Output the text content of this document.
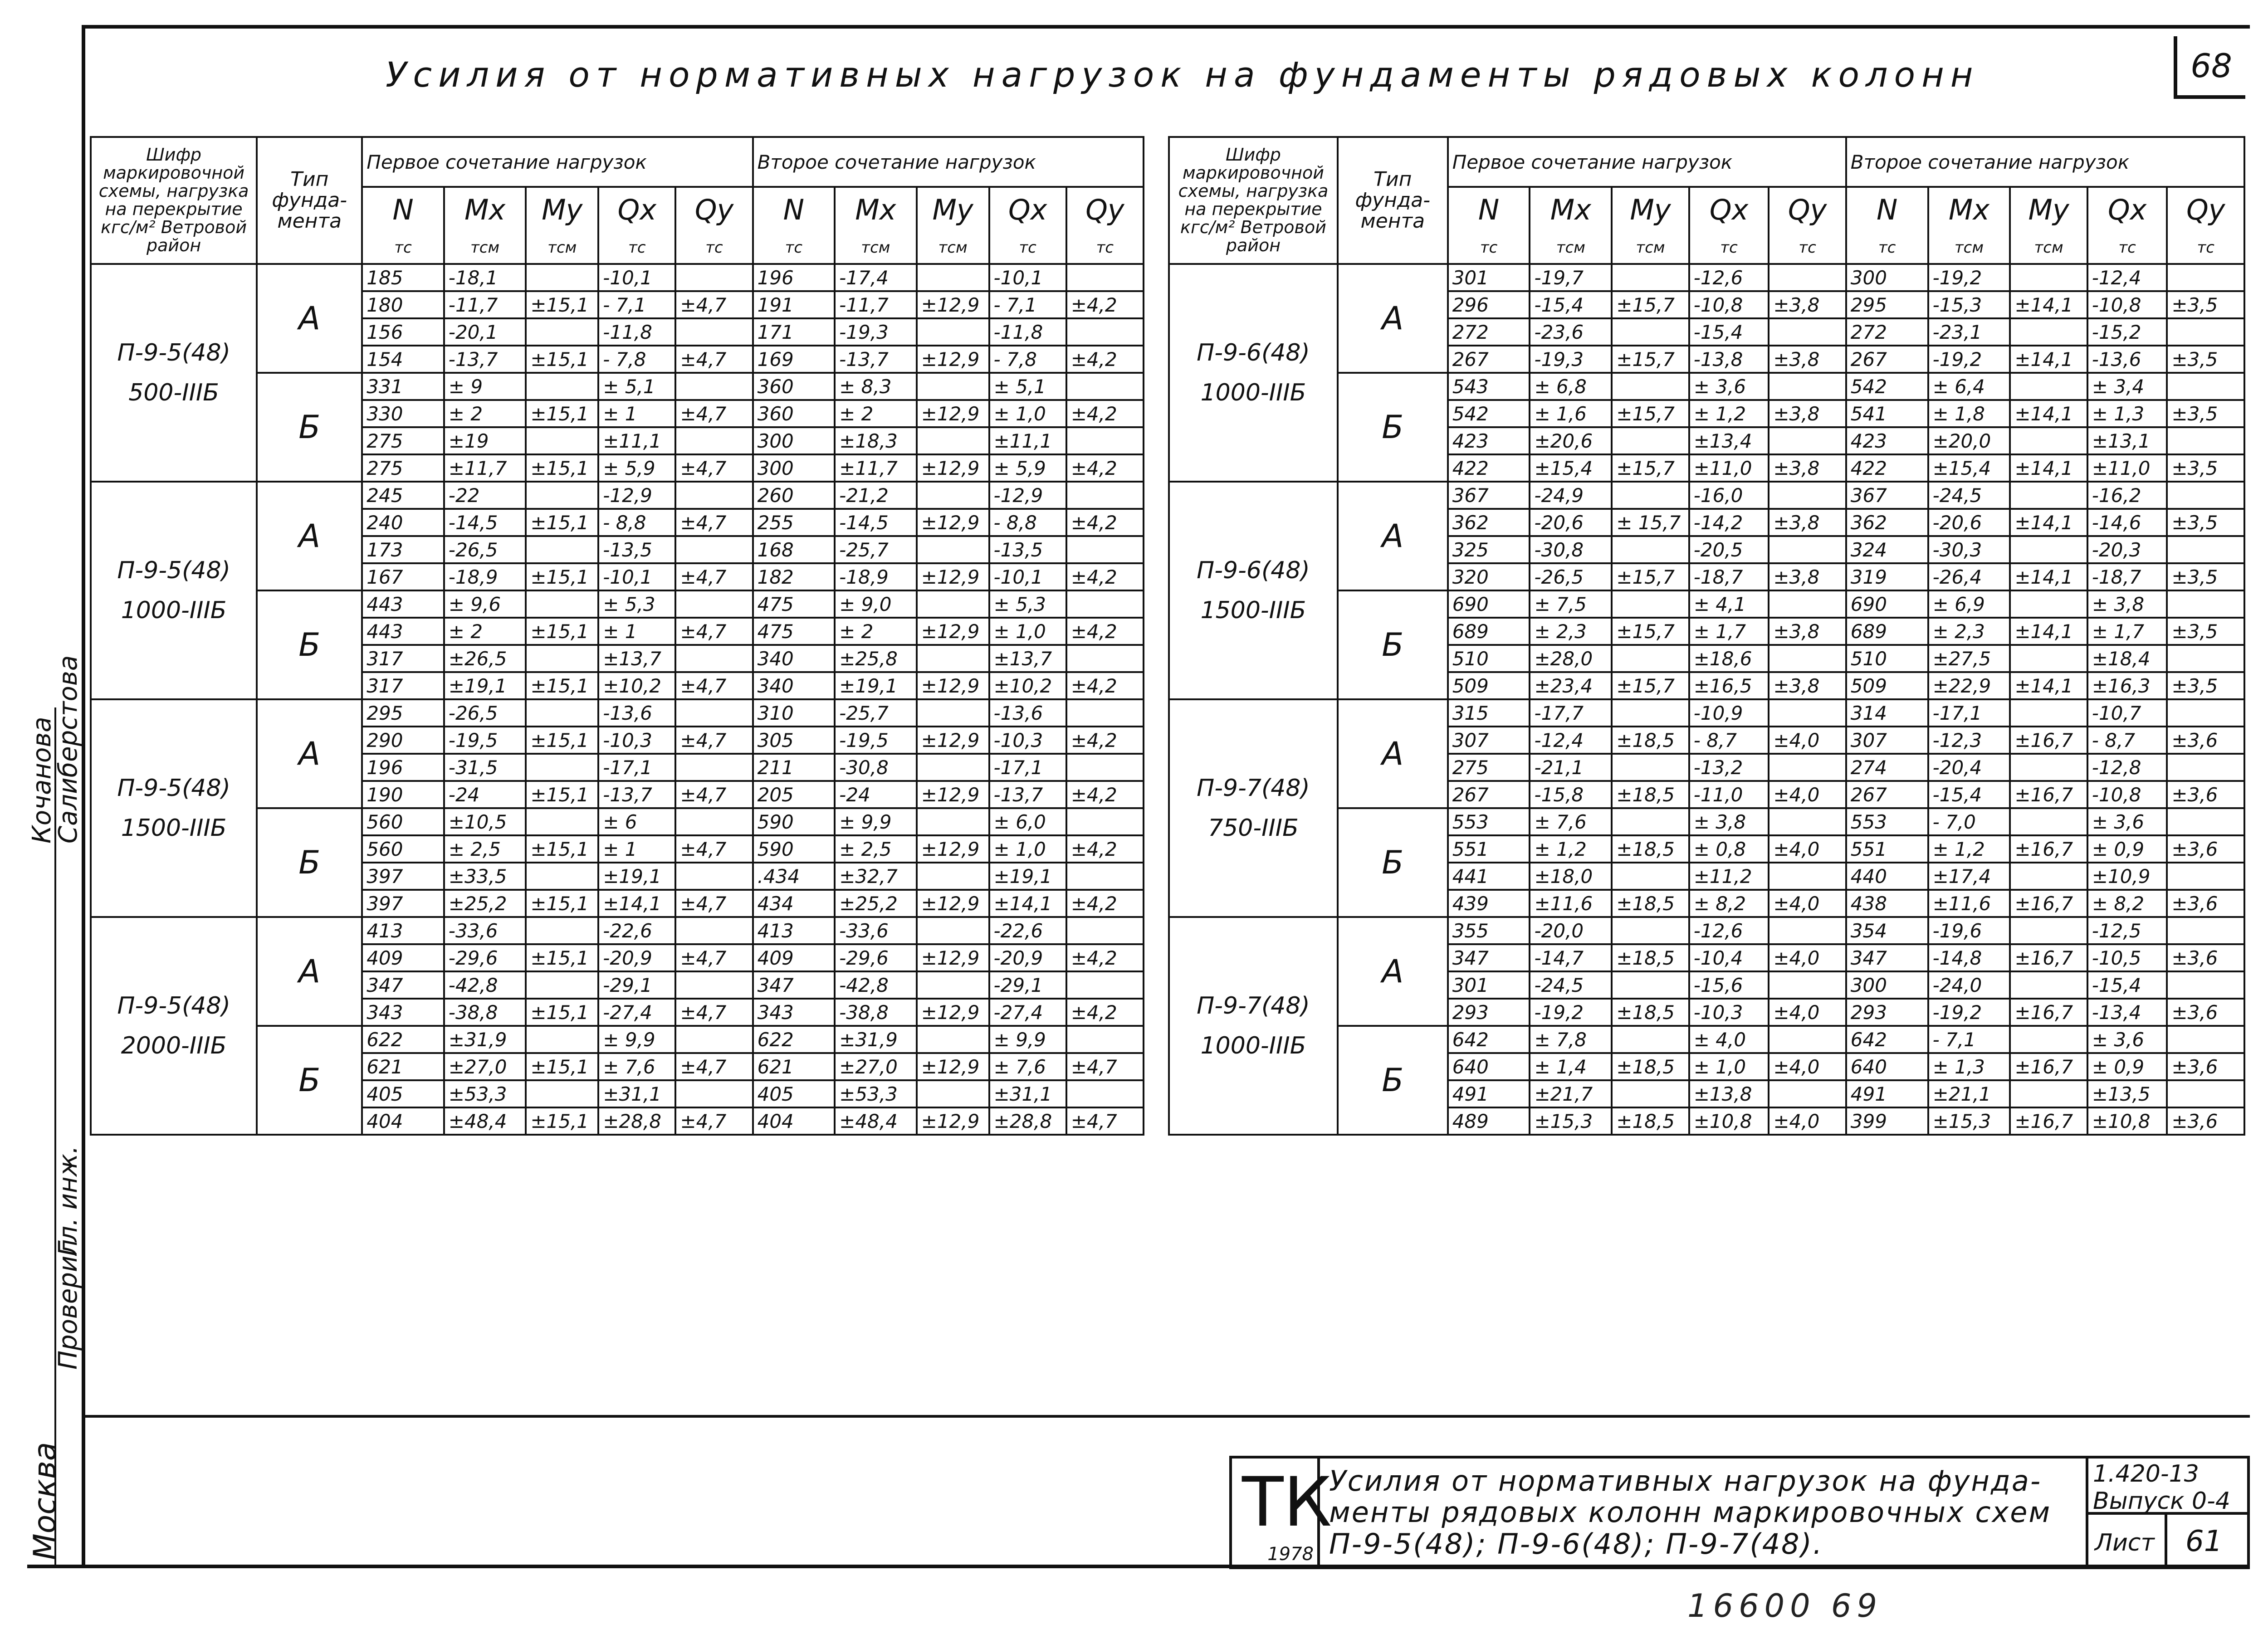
Усилия от нормативных нагрузок на фундаменты рядовых колонн	68
Шифр маркировочной схемы, нагрузка на перекрытие кгс/м² Ветровой район	Тип фунда-мента	Первое сочетание нагрузок					Второе сочетание нагрузок				
		N	Mx	My	Qx	Qy	N	Mx	My	Qx	Qy
		тс	тсм	тсм	тс	тс	тс	тсм	тсм	тс	тс

П-9-5(48)
500-IIIБ	А	185	-18,1		-10,1		196	-17,4		-10,1	
		180	-11,7	±15,1	- 7,1	±4,7	191	-11,7	±12,9	- 7,1	±4,2
		156	-20,1		-11,8		171	-19,3		-11,8	
		154	-13,7	±15,1	- 7,8	±4,7	169	-13,7	±12,9	- 7,8	±4,2
	Б	331	± 9		± 5,1		360	± 8,3		± 5,1	
		330	± 2	±15,1	± 1	±4,7	360	± 2	±12,9	± 1,0	±4,2
		275	±19		±11,1		300	±18,3		±11,1	
		275	±11,7	±15,1	± 5,9	±4,7	300	±11,7	±12,9	± 5,9	±4,2

П-9-5(48)
1000-IIIБ	А	245	-22		-12,9		260	-21,2		-12,9	
		240	-14,5	±15,1	- 8,8	±4,7	255	-14,5	±12,9	- 8,8	±4,2
		173	-26,5		-13,5		168	-25,7		-13,5	
		167	-18,9	±15,1	-10,1	±4,7	182	-18,9	±12,9	-10,1	±4,2
	Б	443	± 9,6		± 5,3		475	± 9,0		± 5,3	
		443	± 2	±15,1	± 1	±4,7	475	± 2	±12,9	± 1,0	±4,2
		317	±26,5		±13,7		340	±25,8		±13,7	
		317	±19,1	±15,1	±10,2	±4,7	340	±19,1	±12,9	±10,2	±4,2

П-9-5(48)
1500-IIIБ	А	295	-26,5		-13,6		310	-25,7		-13,6	
		290	-19,5	±15,1	-10,3	±4,7	305	-19,5	±12,9	-10,3	±4,2
		196	-31,5		-17,1		211	-30,8		-17,1	
		190	-24	±15,1	-13,7	±4,7	205	-24	±12,9	-13,7	±4,2
	Б	560	±10,5		± 6		590	± 9,9		± 6,0	
		560	± 2,5	±15,1	± 1	±4,7	590	± 2,5	±12,9	± 1,0	±4,2
		397	±33,5		±19,1		.434	±32,7		±19,1	
		397	±25,2	±15,1	±14,1	±4,7	434	±25,2	±12,9	±14,1	±4,2

П-9-5(48)
2000-IIIБ	А	413	-33,6		-22,6		413	-33,6		-22,6	
		409	-29,6	±15,1	-20,9	±4,7	409	-29,6	±12,9	-20,9	±4,2
		347	-42,8		-29,1		347	-42,8		-29,1	
		343	-38,8	±15,1	-27,4	±4,7	343	-38,8	±12,9	-27,4	±4,2
	Б	622	±31,9		± 9,9		622	±31,9		± 9,9	
		621	±27,0	±15,1	± 7,6	±4,7	621	±27,0	±12,9	± 7,6	±4,7
		405	±53,3		±31,1		405	±53,3		±31,1	
		404	±48,4	±15,1	±28,8	±4,7	404	±48,4	±12,9	±28,8	±4,7
Шифр маркировочной схемы, нагрузка на перекрытие кгс/м² Ветровой район	Тип фунда-мента	Первое сочетание нагрузок					Второе сочетание нагрузок				
		N	Mx	My	Qx	Qy	N	Mx	My	Qx	Qy
		тс	тсм	тсм	тс	тс	тс	тсм	тсм	тс	тс

П-9-6(48)
1000-IIIБ	А	301	-19,7		-12,6		300	-19,2		-12,4	
		296	-15,4	±15,7	-10,8	±3,8	295	-15,3	±14,1	-10,8	±3,5
		272	-23,6		-15,4		272	-23,1		-15,2	
		267	-19,3	±15,7	-13,8	±3,8	267	-19,2	±14,1	-13,6	±3,5
	Б	543	± 6,8		± 3,6		542	± 6,4		± 3,4	
		542	± 1,6	±15,7	± 1,2	±3,8	541	± 1,8	±14,1	± 1,3	±3,5
		423	±20,6		±13,4		423	±20,0		±13,1	
		422	±15,4	±15,7	±11,0	±3,8	422	±15,4	±14,1	±11,0	±3,5

П-9-6(48)
1500-IIIБ	А	367	-24,9		-16,0		367	-24,5		-16,2	
		362	-20,6	± 15,7	-14,2	±3,8	362	-20,6	±14,1	-14,6	±3,5
		325	-30,8		-20,5		324	-30,3		-20,3	
		320	-26,5	±15,7	-18,7	±3,8	319	-26,4	±14,1	-18,7	±3,5
	Б	690	± 7,5		± 4,1		690	± 6,9		± 3,8	
		689	± 2,3	±15,7	± 1,7	±3,8	689	± 2,3	±14,1	± 1,7	±3,5
		510	±28,0		±18,6		510	±27,5		±18,4	
		509	±23,4	±15,7	±16,5	±3,8	509	±22,9	±14,1	±16,3	±3,5

П-9-7(48)
750-IIIБ	А	315	-17,7		-10,9		314	-17,1		-10,7	
		307	-12,4	±18,5	- 8,7	±4,0	307	-12,3	±16,7	- 8,7	±3,6
		275	-21,1		-13,2		274	-20,4		-12,8	
		267	-15,8	±18,5	-11,0	±4,0	267	-15,4	±16,7	-10,8	±3,6
	Б	553	± 7,6		± 3,8		553	- 7,0		± 3,6	
		551	± 1,2	±18,5	± 0,8	±4,0	551	± 1,2	±16,7	± 0,9	±3,6
		441	±18,0		±11,2		440	±17,4		±10,9	
		439	±11,6	±18,5	± 8,2	±4,0	438	±11,6	±16,7	± 8,2	±3,6

П-9-7(48)
1000-IIIБ	А	355	-20,0		-12,6		354	-19,6		-12,5	
		347	-14,7	±18,5	-10,4	±4,0	347	-14,8	±16,7	-10,5	±3,6
		301	-24,5		-15,6		300	-24,0		-15,4	
		293	-19,2	±18,5	-10,3	±4,0	293	-19,2	±16,7	-13,4	±3,6
	Б	642	± 7,8		± 4,0		642	- 7,1		± 3,6	
		640	± 1,4	±18,5	± 1,0	±4,0	640	± 1,3	±16,7	± 0,9	±3,6
		491	±21,7		±13,8		491	±21,1		±13,5	
		489	±15,3	±18,5	±10,8	±4,0	399	±15,3	±16,7	±10,8	±3,6
Москва
Гл. инж.
Проверил
Салиберстова
Кочанова
ТК
1978
Усилия от нормативных нагрузок на фунда-менты рядовых колонн маркировочных схем П-9-5(48); П-9-6(48); П-9-7(48).
1.420-13
Выпуск 0-4
Лист 61
16600 69
